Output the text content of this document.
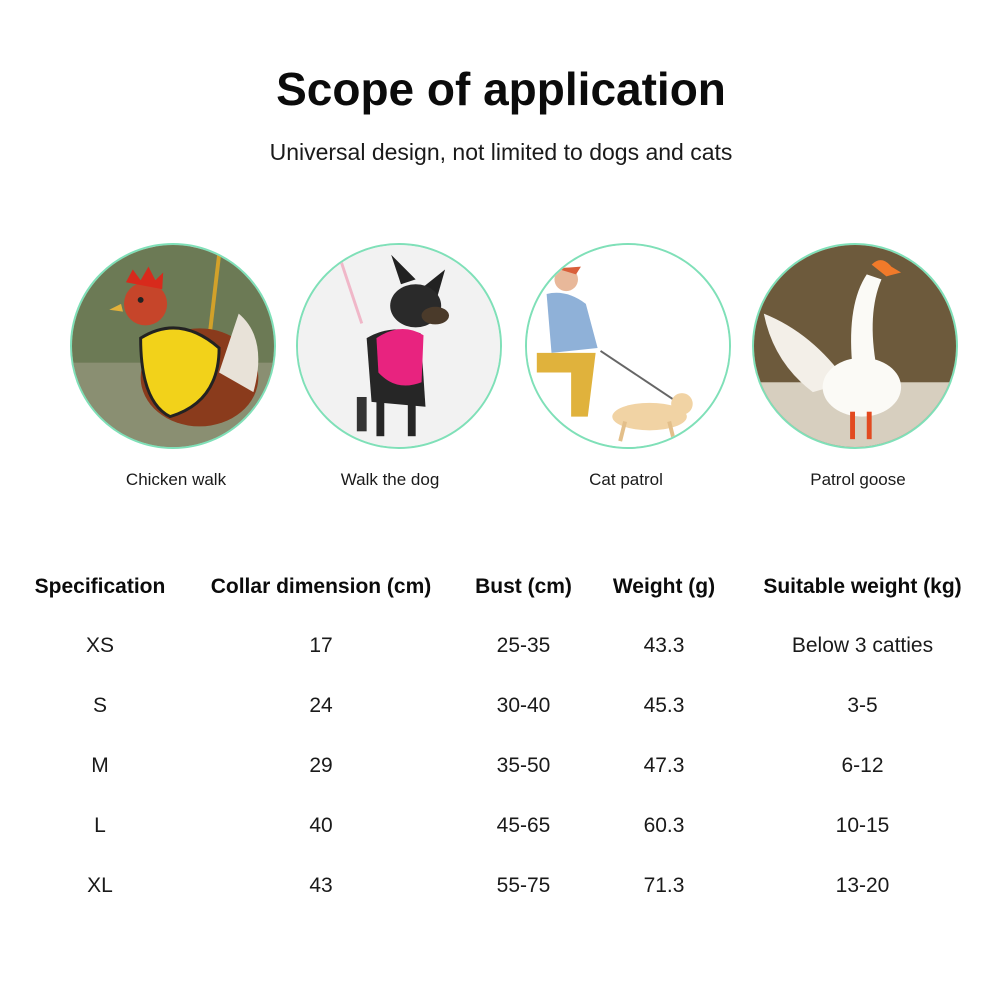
Scope of application
Universal design, not limited to dogs and cats
Chicken walk	Walk the dog	Cat patrol	Patrol goose
Specification	Collar dimension (cm)	Bust (cm)	Weight (g)	Suitable weight (kg)
XS	17	25-35	43.3	Below 3 catties
S	24	30-40	45.3	3-5
M	29	35-50	47.3	6-12
L	40	45-65	60.3	10-15
XL	43	55-75	71.3	13-20
